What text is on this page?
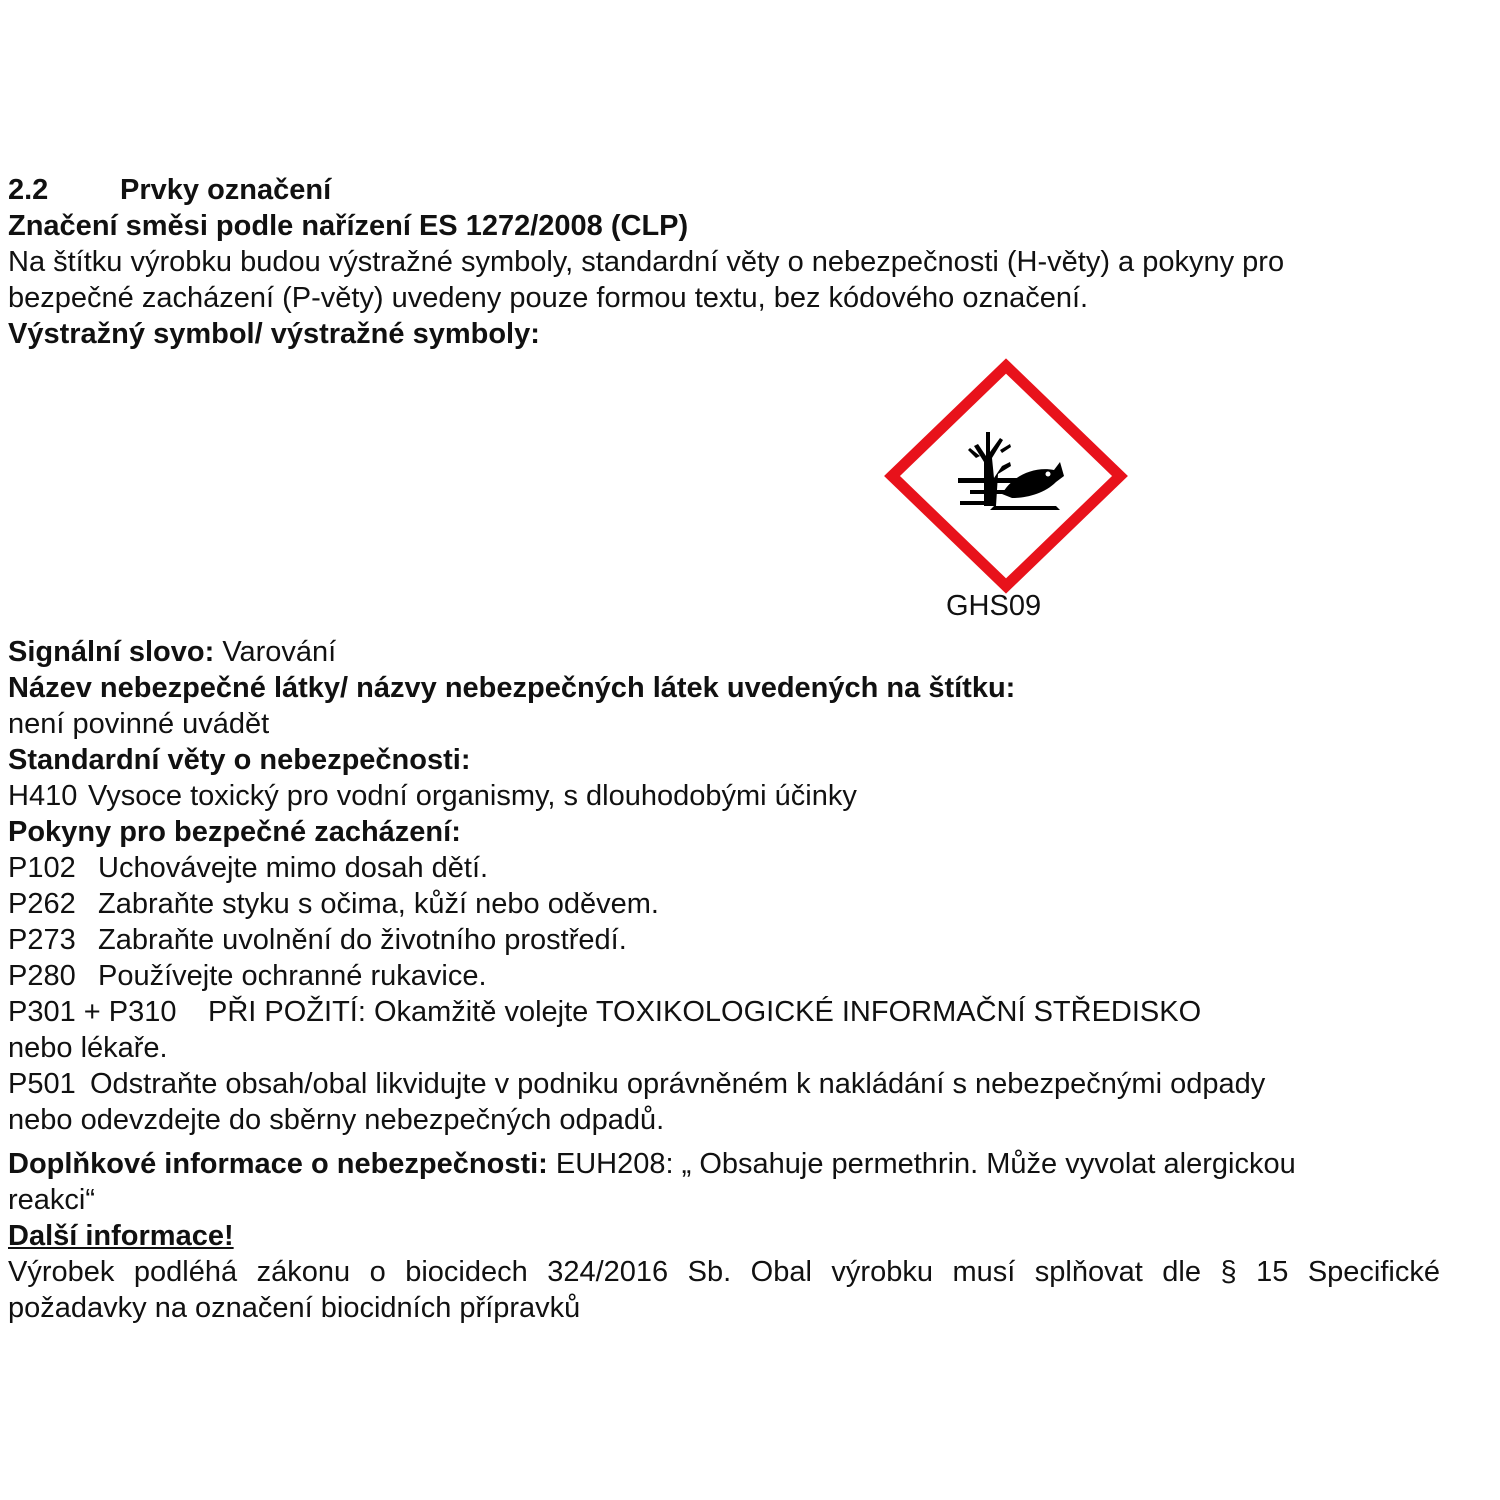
2.2 Prvky označení
Značení směsi podle nařízení ES 1272/2008 (CLP)
Na štítku výrobku budou výstražné symboly, standardní věty o nebezpečnosti (H-věty) a pokyny pro
bezpečné zacházení (P-věty) uvedeny pouze formou textu, bez kódového označení.
Výstražný symbol/ výstražné symboly:
GHS09
Signální slovo: Varování
Název nebezpečné látky/ názvy nebezpečných látek uvedených na štítku:
není povinné uvádět
Standardní věty o nebezpečnosti:
H410 Vysoce toxický pro vodní organismy, s dlouhodobými účinky
Pokyny pro bezpečné zacházení:
P102 Uchovávejte mimo dosah dětí.
P262 Zabraňte styku s očima, kůží nebo oděvem.
P273 Zabraňte uvolnění do životního prostředí.
P280 Používejte ochranné rukavice.
P301 + P310 PŘI POŽITÍ: Okamžitě volejte TOXIKOLOGICKÉ INFORMAČNÍ STŘEDISKO
nebo lékaře.
P501 Odstraňte obsah/obal likvidujte v podniku oprávněném k nakládání s nebezpečnými odpady
nebo odevzdejte do sběrny nebezpečných odpadů.
Doplňkové informace o nebezpečnosti: EUH208: „ Obsahuje permethrin. Může vyvolat alergickou
reakci“
Další informace!
Výrobek podléhá zákonu o biocidech 324/2016 Sb. Obal výrobku musí splňovat dle § 15 Specifické
požadavky na označení biocidních přípravků
